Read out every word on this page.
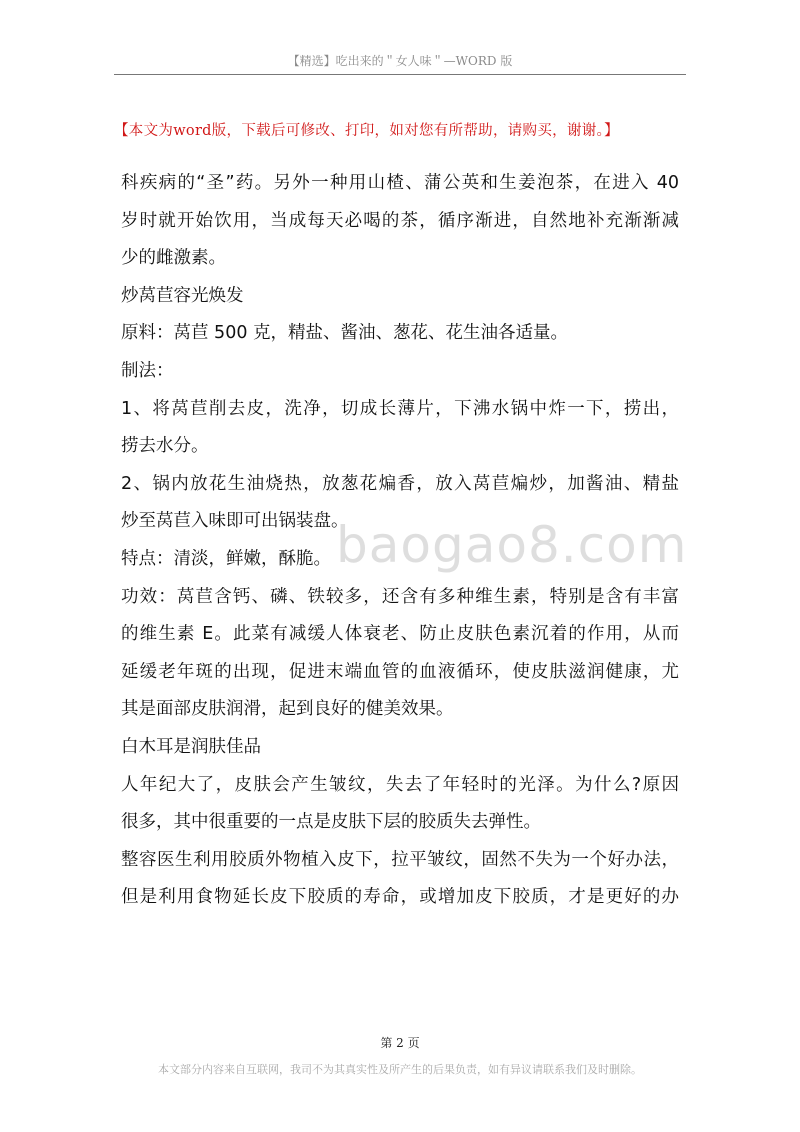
【精选】吃出来的＂女人味＂—WORD 版
【本文为word版，下载后可修改、打印，如对您有所帮助，请购买，谢谢。】
科疾病的“圣”药。另外一种用山楂、蒲公英和生姜泡茶，在进入 40
岁时就开始饮用，当成每天必喝的茶，循序渐进，自然地补充渐渐减
少的雌激素。
炒莴苣容光焕发
原料：莴苣 500 克，精盐、酱油、葱花、花生油各适量。
制法：
1、将莴苣削去皮，洗净，切成长薄片，下沸水锅中炸一下，捞出，
捞去水分。
2、锅内放花生油烧热，放葱花煸香，放入莴苣煸炒，加酱油、精盐
炒至莴苣入味即可出锅装盘。
特点：清淡，鲜嫩，酥脆。
功效：莴苣含钙、磷、铁较多，还含有多种维生素，特别是含有丰富
的维生素 E。此菜有减缓人体衰老、防止皮肤色素沉着的作用，从而
延缓老年斑的出现，促进末端血管的血液循环，使皮肤滋润健康，尤
其是面部皮肤润滑，起到良好的健美效果。
白木耳是润肤佳品
人年纪大了，皮肤会产生皱纹，失去了年轻时的光泽。为什么?原因
很多，其中很重要的一点是皮肤下层的胶质失去弹性。
整容医生利用胶质外物植入皮下，拉平皱纹，固然不失为一个好办法，
但是利用食物延长皮下胶质的寿命，或增加皮下胶质，才是更好的办
baogao8.com
第 2 页
本文部分内容来自互联网，我司不为其真实性及所产生的后果负责，如有异议请联系我们及时删除。
